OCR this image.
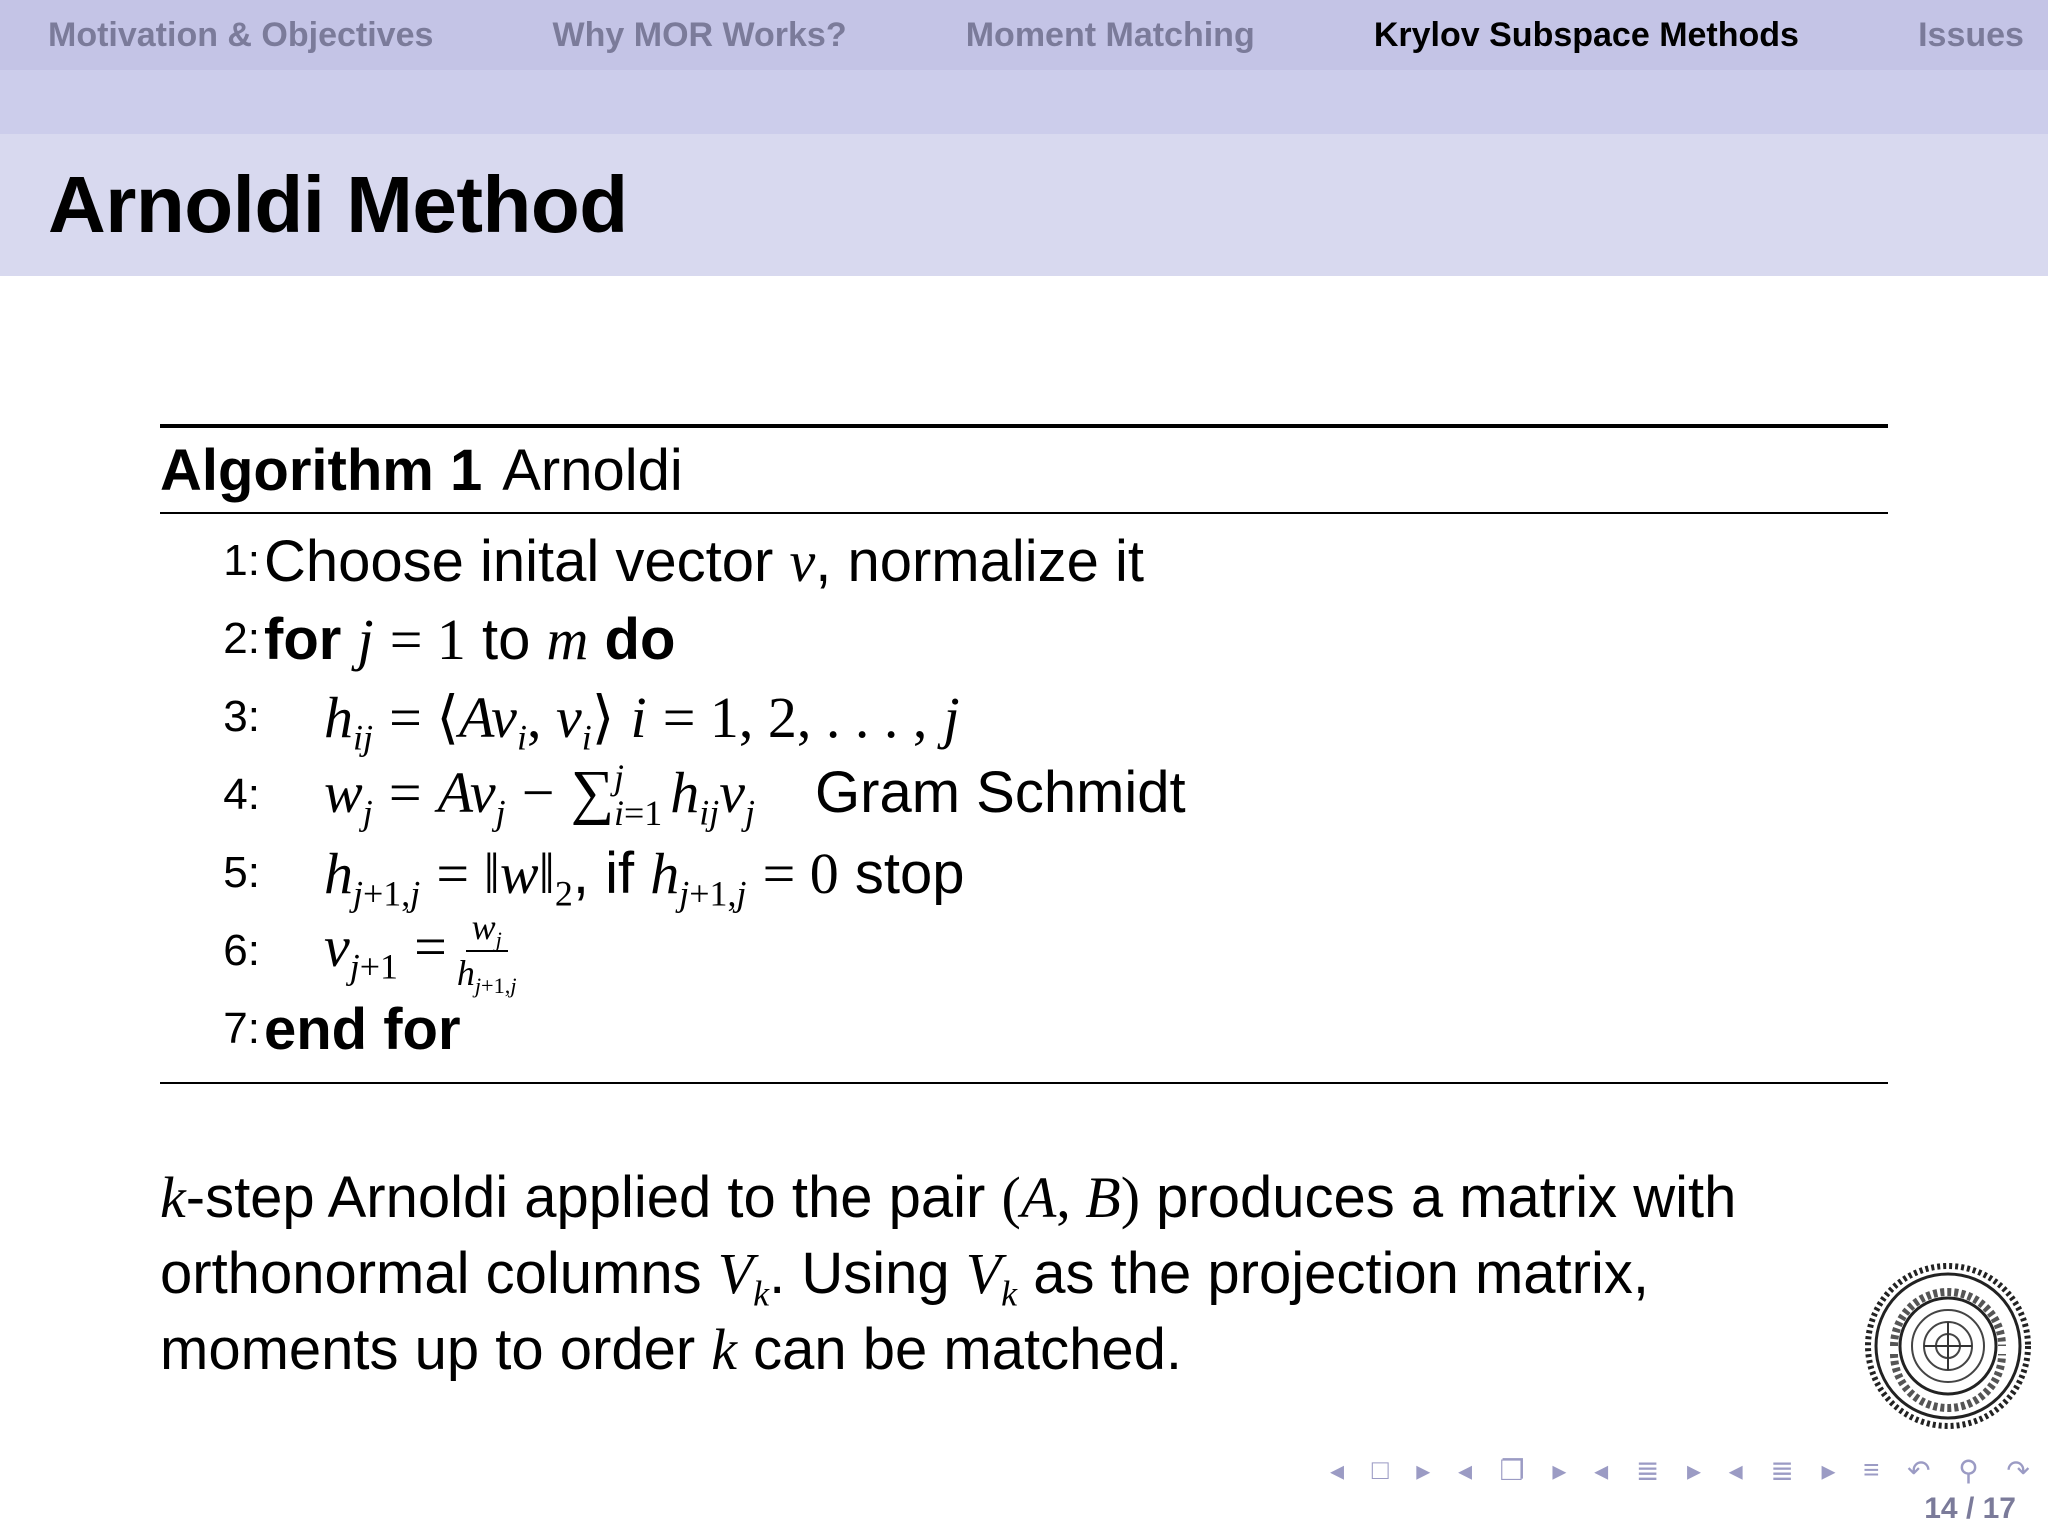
Motivation & Objectives	Why MOR Works?	Moment Matching	Krylov Subspace Methods	Issues
Arnoldi Method
Algorithm 1 Arnoldi
1: Choose inital vector v, normalize it
2: for j = 1 to m do
3: $h_{ij}$ = $⟨Av_i$, $v_i⟩$ i = 1, 2, . . . , j
4: $w_j = Av_j$ − ∑ j
i=1 $h_{ij}v_j$ Gram Schmidt
5: $h_{j+1,j}$ = $‖w‖_2$, if $h_{j+1,j} = 0$ stop
6: $v_{j+1} = \frac{w_j}{h_{j+1,j}}$
7: end for
k-step Arnoldi applied to the pair (A, B) produces a matrix with
orthonormal columns $V_k$. Using $V_k$ as the projection matrix,
moments up to order k can be matched.
◂ □ ▸ ◂ ❐ ▸ ◂ ≣ ▸ ◂ ≣ ▸ ≡ ↶ ⚲ ↷
14 / 17
